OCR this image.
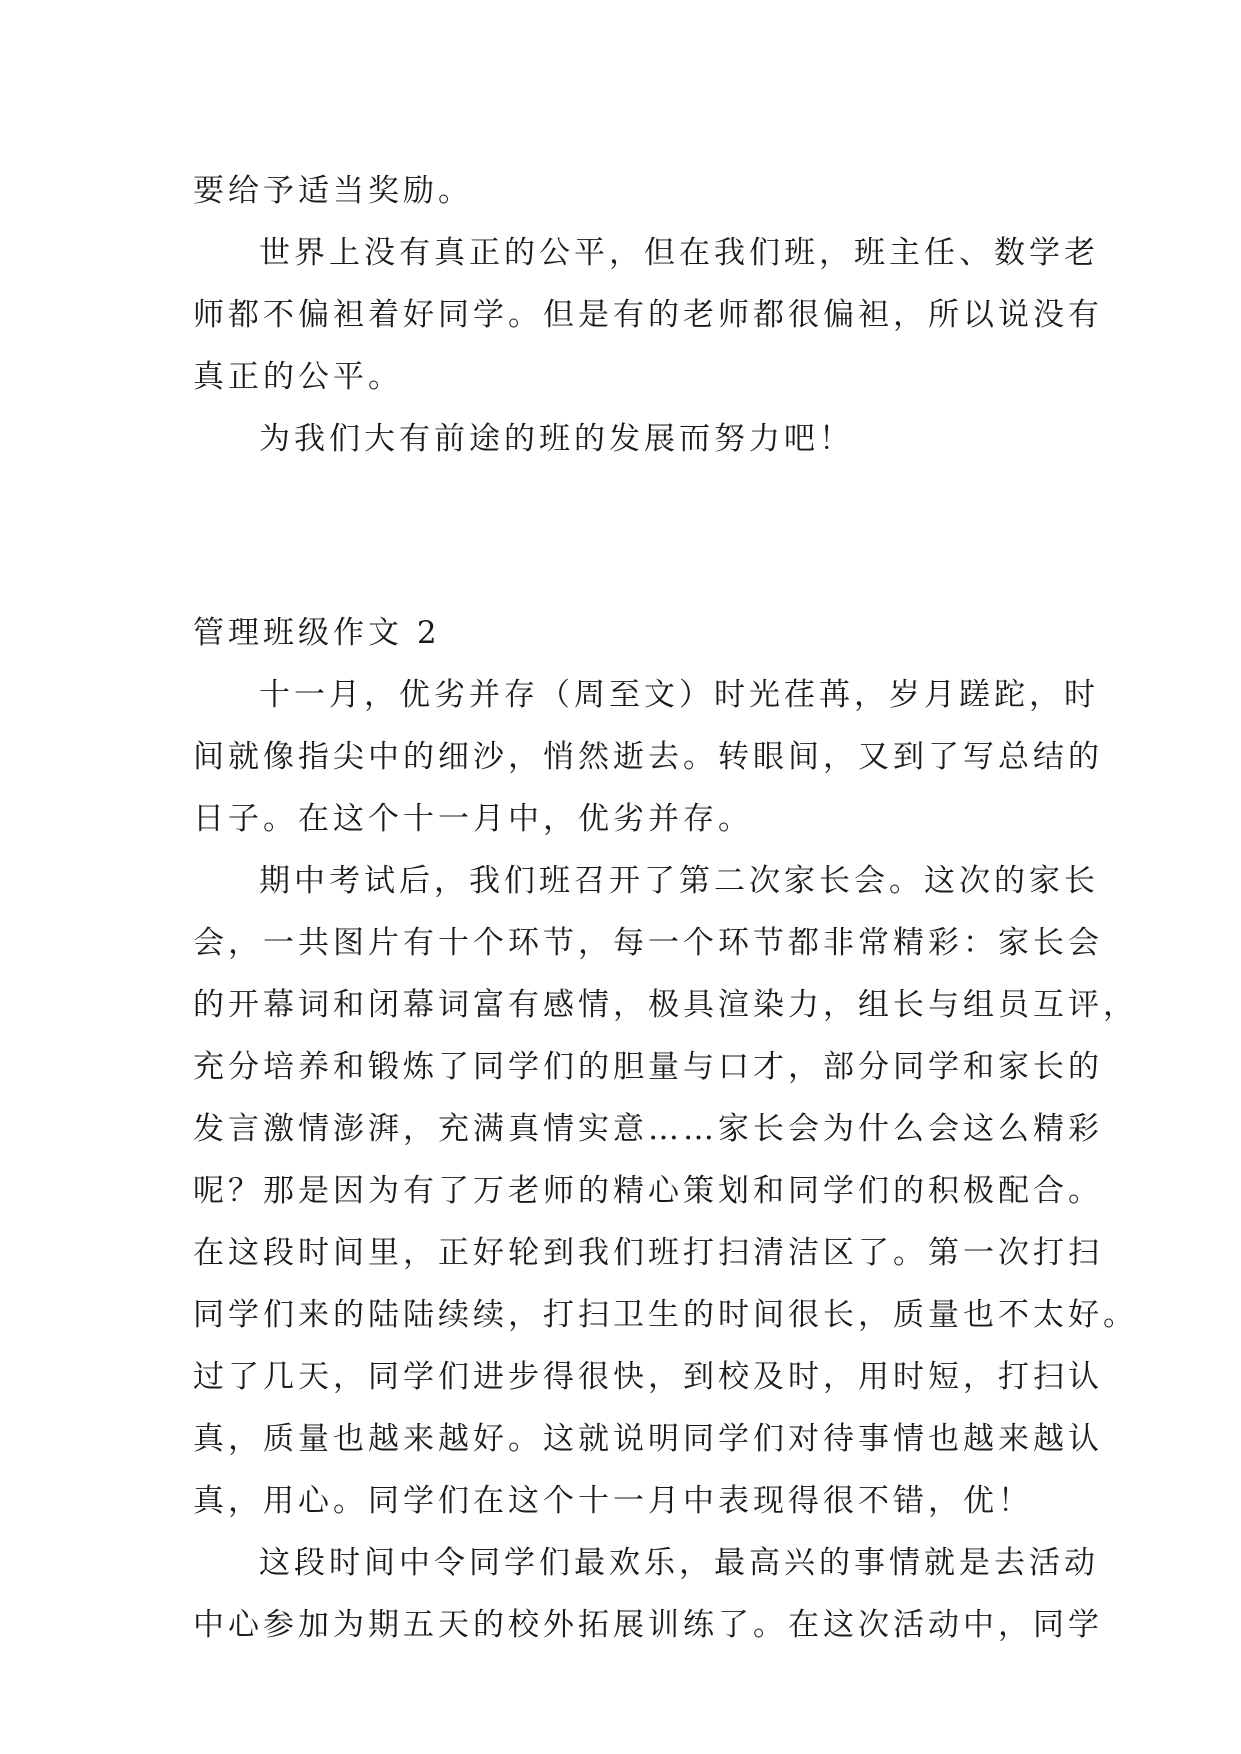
要给予适当奖励。
世界上没有真正的公平，但在我们班，班主任、数学老
师都不偏袒着好同学。但是有的老师都很偏袒，所以说没有
真正的公平。
为我们大有前途的班的发展而努力吧！
管理班级作文 2
十一月，优劣并存（周至文）时光荏苒，岁月蹉跎，时
间就像指尖中的细沙，悄然逝去。转眼间，又到了写总结的
日子。在这个十一月中，优劣并存。
期中考试后，我们班召开了第二次家长会。这次的家长
会，一共图片有十个环节，每一个环节都非常精彩：家长会
的开幕词和闭幕词富有感情，极具渲染力，组长与组员互评，
充分培养和锻炼了同学们的胆量与口才，部分同学和家长的
发言激情澎湃，充满真情实意……家长会为什么会这么精彩
呢？那是因为有了万老师的精心策划和同学们的积极配合。
在这段时间里，正好轮到我们班打扫清洁区了。第一次打扫
同学们来的陆陆续续，打扫卫生的时间很长，质量也不太好。
过了几天，同学们进步得很快，到校及时，用时短，打扫认
真，质量也越来越好。这就说明同学们对待事情也越来越认
真，用心。同学们在这个十一月中表现得很不错，优！
这段时间中令同学们最欢乐，最高兴的事情就是去活动
中心参加为期五天的校外拓展训练了。在这次活动中，同学
